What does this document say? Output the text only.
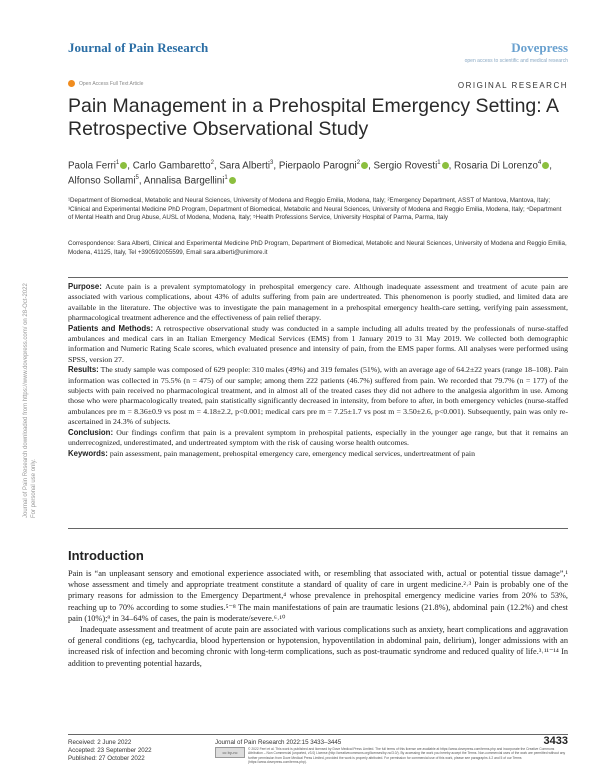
Journal of Pain Research	Dovepress
open access to scientific and medical research
Open Access Full Text Article	ORIGINAL RESEARCH
Pain Management in a Prehospital Emergency Setting: A Retrospective Observational Study
Paola Ferri$^1$ , Carlo Gambaretto$^2$, Sara Alberti$^3$, Pierpaolo Parogni$^2$ , Sergio Rovesti$^1$ , Rosaria Di Lorenzo$^4$ , Alfonso Sollami$^5$, Annalisa Bargellini$^1$
¹Department of Biomedical, Metabolic and Neural Sciences, University of Modena and Reggio Emilia, Modena, Italy; ²Emergency Department, ASST of Mantova, Mantova, Italy; ³Clinical and Experimental Medicine PhD Program, Department of Biomedical, Metabolic and Neural Sciences, University of Modena and Reggio Emilia, Modena, Italy; ⁴Department of Mental Health and Drug Abuse, AUSL of Modena, Modena, Italy; ⁵Health Professions Service, University Hospital of Parma, Parma, Italy
Correspondence: Sara Alberti, Clinical and Experimental Medicine PhD Program, Department of Biomedical, Metabolic and Neural Sciences, University of Modena and Reggio Emilia, Modena, 41125, Italy, Tel +390592055599, Email sara.alberti@unimore.it

Purpose: Acute pain is a prevalent symptomatology in prehospital emergency care. Although inadequate assessment and treatment of acute pain are associated with various complications, about 43% of adults suffering from pain are undertreated. This phenomenon is poorly studied, and limited data are available in the literature. The objective was to investigate the pain management in a prehospital emergency health-care setting, verifying pain assessment, pharmacological treatment adherence and the effectiveness of pain relief therapy.

Patients and Methods: A retrospective observational study was conducted in a sample including all adults treated by the professionals of nurse-staffed ambulances and medical cars in an Italian Emergency Medical Services (EMS) from 1 January 2019 to 31 May 2019. We collected both demographic information and Numeric Rating Scale scores, which evaluated presence and intensity of pain, from the EMS paper forms. All analyses were performed using SPSS, version 27.

Results: The study sample was composed of 629 people: 310 males (49%) and 319 females (51%), with an average age of 64.2±22 years (range 18–108). Pain information was collected in 75.5% (n = 475) of our sample; among them 222 patients (46.7%) suffered from pain. We recorded that 79.7% (n = 177) of the subjects with pain received no pharmacological treatment, and in almost all of the treated cases they did not adhere to the analgesia algorithm in use. Among those who were pharmacologically treated, pain statistically significantly decreased in intensity, from before to after, in both emergency vehicles (nurse-staffed ambulances pre m = 8.36±0.9 vs post m = 4.18±2.2, p<0.001; medical cars pre m = 7.25±1.7 vs post m = 3.50±2.6, p<0.001). Subsequently, pain was only re-ascertained in 24.3% of subjects.

Conclusion: Our findings confirm that pain is a prevalent symptom in prehospital patients, especially in the younger age range, but that it remains an underrecognized, underestimated, and undertreated symptom with the risk of causing worse health outcomes.

Keywords: pain assessment, pain management, prehospital emergency care, emergency medical services, undertreatment of pain

Introduction

Pain is “an unpleasant sensory and emotional experience associated with, or resembling that associated with, actual or potential tissue damage”,¹ whose assessment and timely and appropriate treatment constitute a standard of quality of care in urgent medicine.²˒³ Pain is probably one of the primary reasons for admission to the Emergency Department,⁴ whose prevalence in prehospital emergency medicine varies from 20% to 53%, reaching up to 70% according to some studies.⁵⁻⁸ The main manifestations of pain are traumatic lesions (21.8%), abdominal pain (12.2%) and chest pain (10%);⁹ in 34–64% of cases, the pain is moderate/severe.⁶˒¹⁰

Inadequate assessment and treatment of acute pain are associated with various complications such as anxiety, heart complications and aggravation of general conditions (eg, tachycardia, blood hypertension or hypotension, hypoventilation in abdominal pain, delirium), longer admissions with an increased risk of infection and becoming chronic with long-term complications, such as post-traumatic syndrome and reduced quality of life.³˒¹¹⁻¹⁴ In addition to preventing potential hazards,

Journal of Pain Research downloaded from https://www.dovepress.com/ on 28-Oct-2022 For personal use only.
Received: 2 June 2022
Accepted: 23 September 2022
Published: 27 October 2022
Journal of Pain Research 2022:15 3433–3445	3433
cc by-nc
© 2022 Ferri et al. This work is published and licensed by Dove Medical Press Limited. The full terms of this license are available at https://www.dovepress.com/terms.php and incorporate the Creative Commons Attribution – Non Commercial (unported, v3.0) License (http://creativecommons.org/licenses/by-nc/3.0/). By accessing the work you hereby accept the Terms. Non-commercial uses of the work are permitted without any further permission from Dove Medical Press Limited, provided the work is properly attributed. For permission for commercial use of this work, please see paragraphs 4.2 and 5 of our Terms (https://www.dovepress.com/terms.php).
